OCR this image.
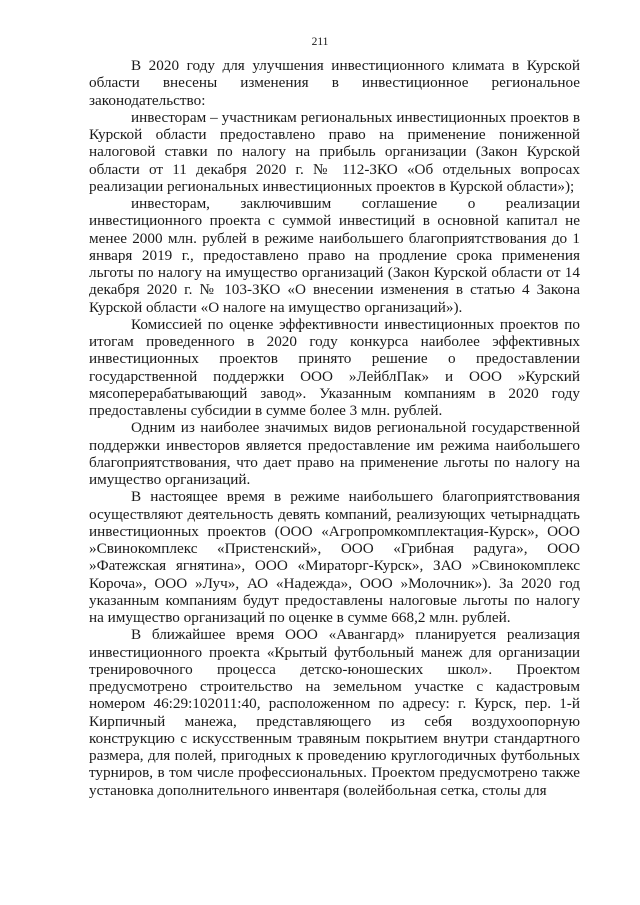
211

В 2020 году для улучшения инвестиционного климата в Курской области внесены изменения в инвестиционное региональное законодательство:

инвесторам – участникам региональных инвестиционных проектов в Курской области предоставлено право на применение пониженной налоговой ставки по налогу на прибыль организации (Закон Курской области от 11 декабря 2020 г. № 112-ЗКО «Об отдельных вопросах реализации региональных инвестиционных проектов в Курской области»);

инвесторам, заключившим соглашение о реализации инвестиционного проекта с суммой инвестиций в основной капитал не менее 2000 млн. рублей в режиме наибольшего благоприятствования до 1 января 2019 г., предоставлено право на продление срока применения льготы по налогу на имущество организаций (Закон Курской области от 14 декабря 2020 г. № 103-ЗКО «О внесении изменения в статью 4 Закона Курской области «О налоге на имущество организаций»).

Комиссией по оценке эффективности инвестиционных проектов по итогам проведенного в 2020 году конкурса наиболее эффективных инвестиционных проектов принято решение о предоставлении государственной поддержки ООО »ЛейблПак» и ООО »Курский мясоперерабатывающий завод». Указанным компаниям в 2020 году предоставлены субсидии в сумме более 3 млн. рублей.

Одним из наиболее значимых видов региональной государственной поддержки инвесторов является предоставление им режима наибольшего благоприятствования, что дает право на применение льготы по налогу на имущество организаций.

В настоящее время в режиме наибольшего благоприятствования осуществляют деятельность девять компаний, реализующих четырнадцать инвестиционных проектов (ООО «Агропромкомплектация-Курск», ООО »Свинокомплекс «Пристенский», ООО «Грибная радуга», ООО »Фатежская ягнятина», ООО «Мираторг-Курск», ЗАО »Свинокомплекс Короча», ООО »Луч», АО «Надежда», ООО »Молочник»). За 2020 год указанным компаниям будут предоставлены налоговые льготы по налогу на имущество организаций по оценке в сумме 668,2 млн. рублей.

В ближайшее время ООО «Авангард» планируется реализация инвестиционного проекта «Крытый футбольный манеж для организации тренировочного процесса детско-юношеских школ». Проектом предусмотрено строительство на земельном участке с кадастровым номером 46:29:102011:40, расположенном по адресу: г. Курск, пер. 1-й Кирпичный манежа, представляющего из себя воздухоопорную конструкцию с искусственным травяным покрытием внутри стандартного размера, для полей, пригодных к проведению круглогодичных футбольных турниров, в том числе профессиональных. Проектом предусмотрено также установка дополнительного инвентаря (волейбольная сетка, столы для
